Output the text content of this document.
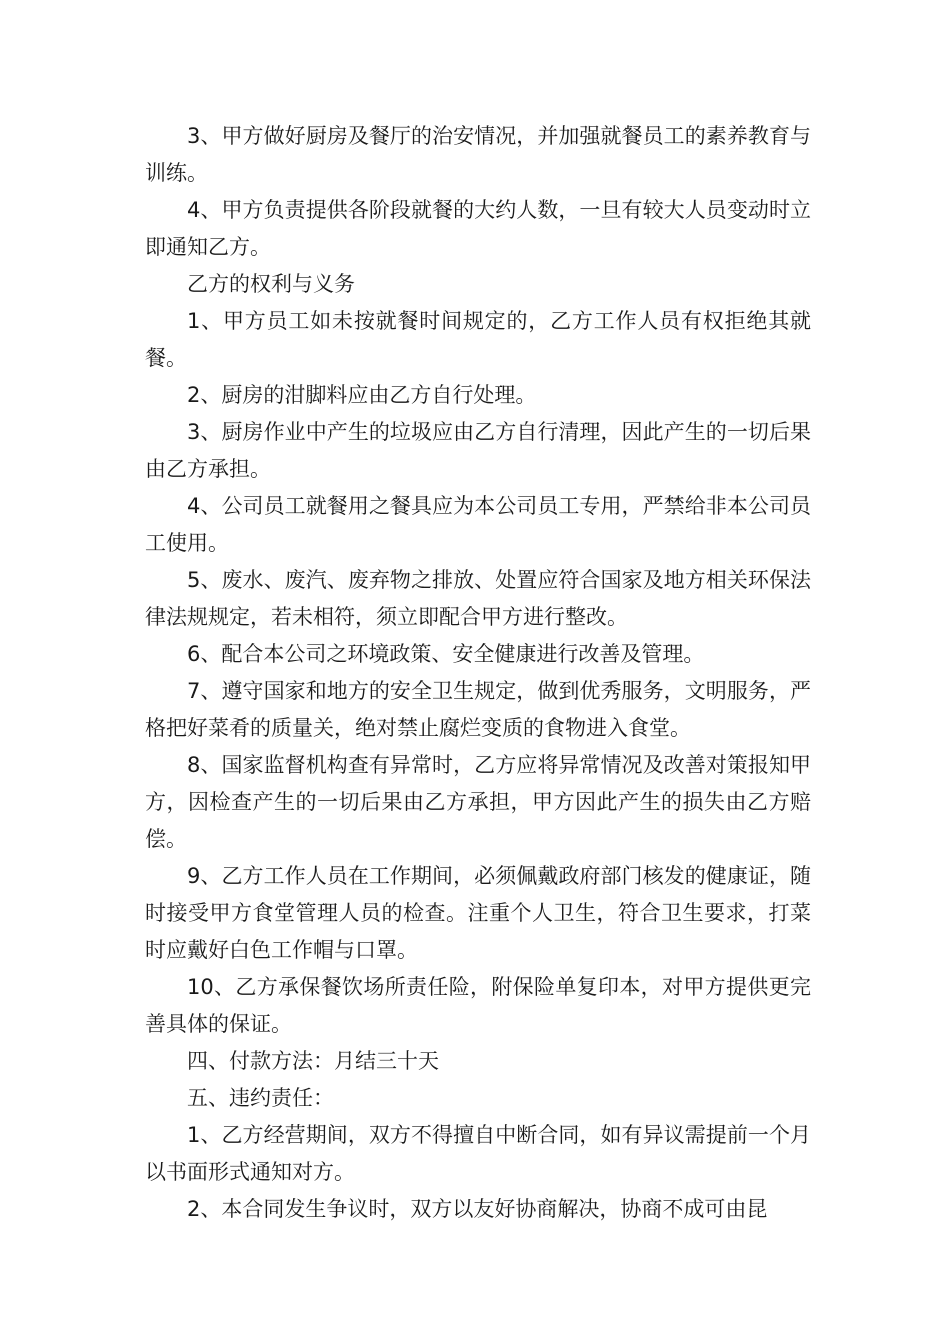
3、甲方做好厨房及餐厅的治安情况，并加强就餐员工的素养教育与训练。

4、甲方负责提供各阶段就餐的大约人数，一旦有较大人员变动时立即通知乙方。

乙方的权利与义务

1、甲方员工如未按就餐时间规定的，乙方工作人员有权拒绝其就餐。

2、厨房的泔脚料应由乙方自行处理。

3、厨房作业中产生的垃圾应由乙方自行清理，因此产生的一切后果由乙方承担。

4、公司员工就餐用之餐具应为本公司员工专用，严禁给非本公司员工使用。

5、废水、废汽、废弃物之排放、处置应符合国家及地方相关环保法律法规规定，若未相符，须立即配合甲方进行整改。

6、配合本公司之环境政策、安全健康进行改善及管理。

7、遵守国家和地方的安全卫生规定，做到优秀服务，文明服务，严格把好菜肴的质量关，绝对禁止腐烂变质的食物进入食堂。

8、国家监督机构查有异常时，乙方应将异常情况及改善对策报知甲方，因检查产生的一切后果由乙方承担，甲方因此产生的损失由乙方赔偿。

9、乙方工作人员在工作期间，必须佩戴政府部门核发的健康证，随时接受甲方食堂管理人员的检查。注重个人卫生，符合卫生要求，打菜时应戴好白色工作帽与口罩。

10、乙方承保餐饮场所责任险，附保险单复印本，对甲方提供更完善具体的保证。

四、付款方法：月结三十天

五、违约责任：

1、乙方经营期间，双方不得擅自中断合同，如有异议需提前一个月以书面形式通知对方。

2、本合同发生争议时，双方以友好协商解决，协商不成可由昆
